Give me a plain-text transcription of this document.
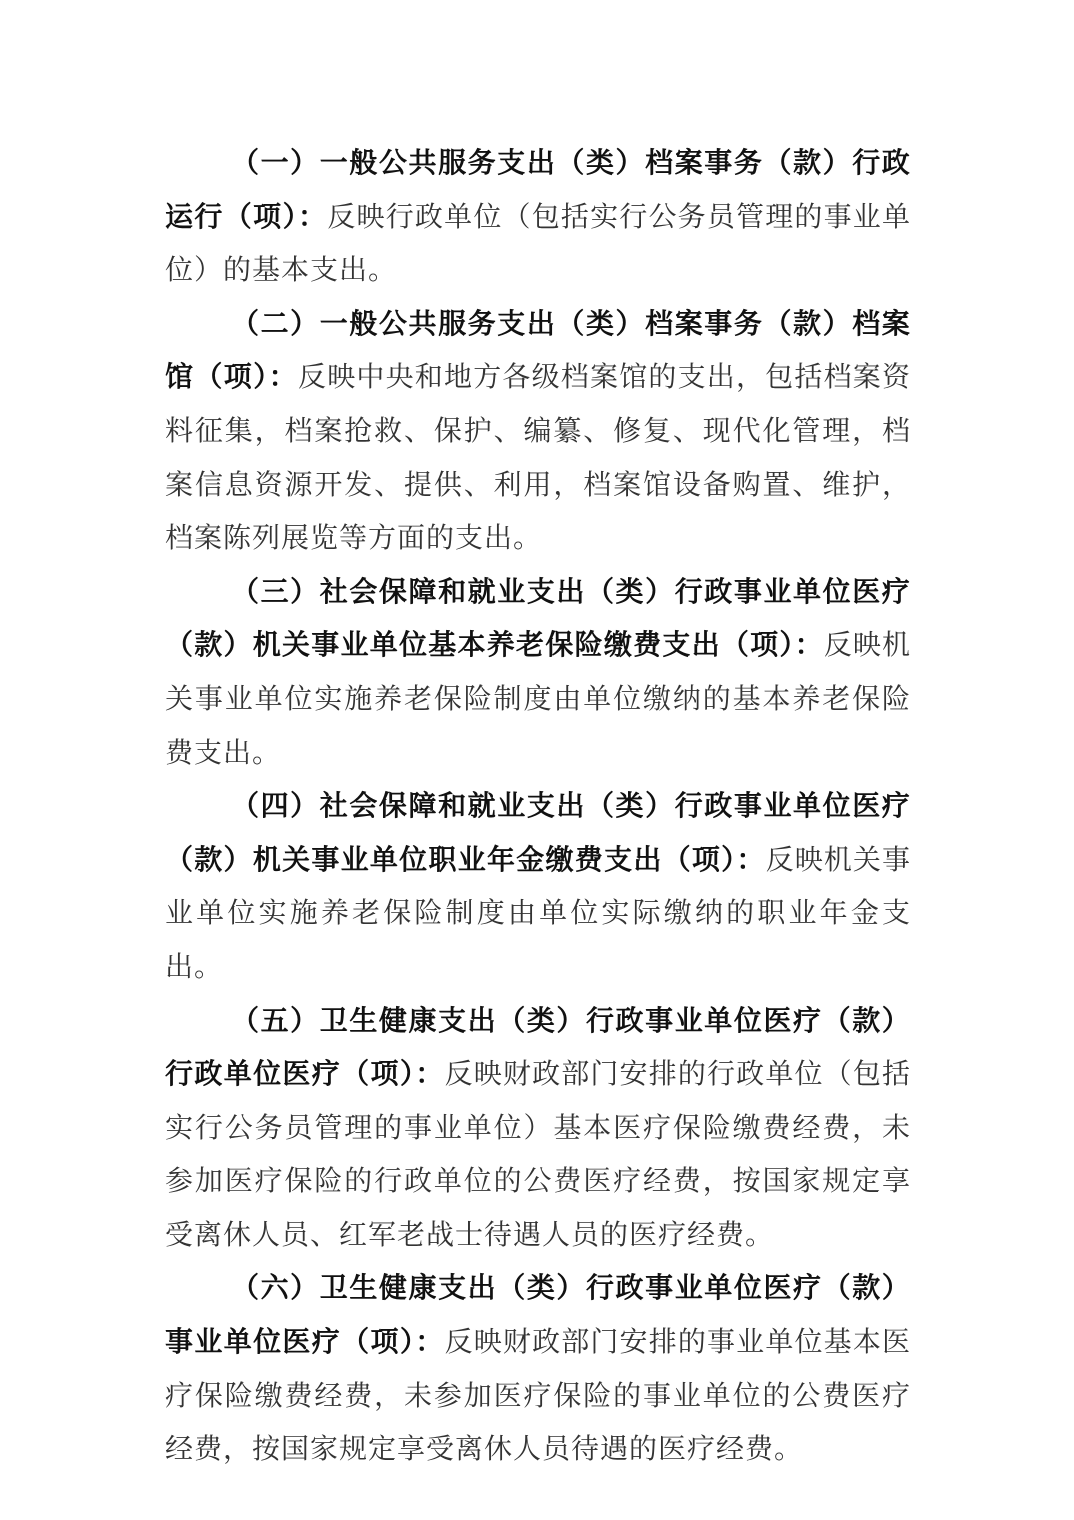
（一）一般公共服务支出（类）档案事务（款）行政运行（项）：反映行政单位（包括实行公务员管理的事业单位）的基本支出。

（二）一般公共服务支出（类）档案事务（款）档案馆（项）：反映中央和地方各级档案馆的支出，包括档案资料征集，档案抢救、保护、编纂、修复、现代化管理，档案信息资源开发、提供、利用，档案馆设备购置、维护，档案陈列展览等方面的支出。

（三）社会保障和就业支出（类）行政事业单位医疗（款）机关事业单位基本养老保险缴费支出（项）：反映机关事业单位实施养老保险制度由单位缴纳的基本养老保险费支出。

（四）社会保障和就业支出（类）行政事业单位医疗（款）机关事业单位职业年金缴费支出（项）：反映机关事业单位实施养老保险制度由单位实际缴纳的职业年金支出。

（五）卫生健康支出（类）行政事业单位医疗（款）行政单位医疗（项）：反映财政部门安排的行政单位（包括实行公务员管理的事业单位）基本医疗保险缴费经费，未参加医疗保险的行政单位的公费医疗经费，按国家规定享受离休人员、红军老战士待遇人员的医疗经费。

（六）卫生健康支出（类）行政事业单位医疗（款）事业单位医疗（项）：反映财政部门安排的事业单位基本医疗保险缴费经费，未参加医疗保险的事业单位的公费医疗经费，按国家规定享受离休人员待遇的医疗经费。
